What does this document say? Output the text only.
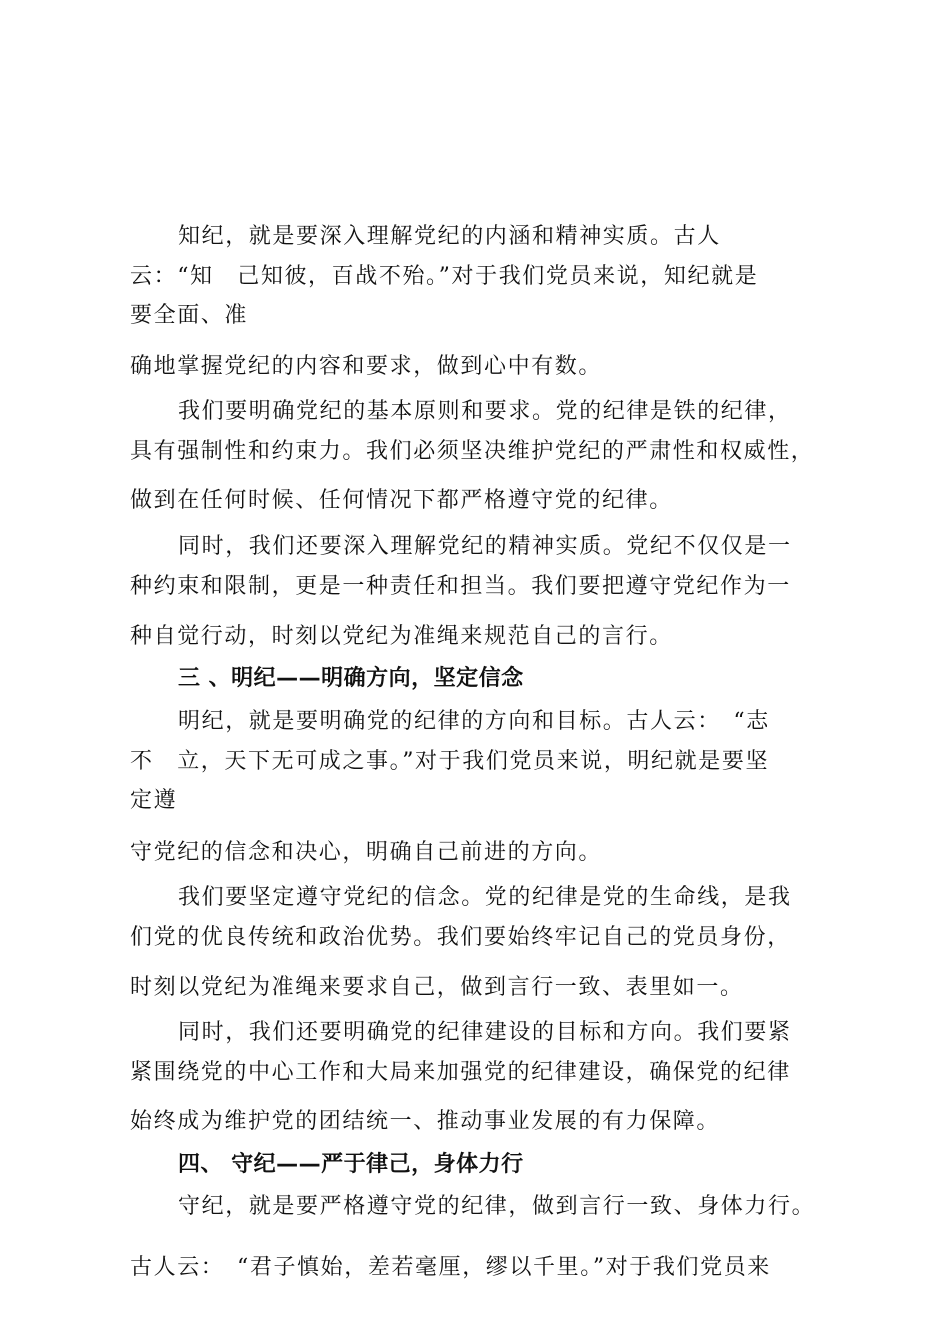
知纪，就是要深入理解党纪的内涵和精神实质。古人
云：“知　己知彼，百战不殆。”对于我们党员来说，知纪就是
要全面、准
确地掌握党纪的内容和要求，做到心中有数。
我们要明确党纪的基本原则和要求。党的纪律是铁的纪律，
具有强制性和约束力。我们必须坚决维护党纪的严肃性和权威性，
做到在任何时候、任何情况下都严格遵守党的纪律。
同时，我们还要深入理解党纪的精神实质。党纪不仅仅是一
种约束和限制，更是一种责任和担当。我们要把遵守党纪作为一
种自觉行动，时刻以党纪为准绳来规范自己的言行。
三 、明纪——明确方向，坚定信念
明纪，就是要明确党的纪律的方向和目标。古人云：　“志
不　立，天下无可成之事。”对于我们党员来说，明纪就是要坚
定遵
守党纪的信念和决心，明确自己前进的方向。
我们要坚定遵守党纪的信念。党的纪律是党的生命线，是我
们党的优良传统和政治优势。我们要始终牢记自己的党员身份，
时刻以党纪为准绳来要求自己，做到言行一致、表里如一。
同时，我们还要明确党的纪律建设的目标和方向。我们要紧
紧围绕党的中心工作和大局来加强党的纪律建设，确保党的纪律
始终成为维护党的团结统一、推动事业发展的有力保障。
四、 守纪——严于律己，身体力行
守纪，就是要严格遵守党的纪律，做到言行一致、身体力行。
古人云：　“君子慎始，差若毫厘，缪以千里。”对于我们党员来
